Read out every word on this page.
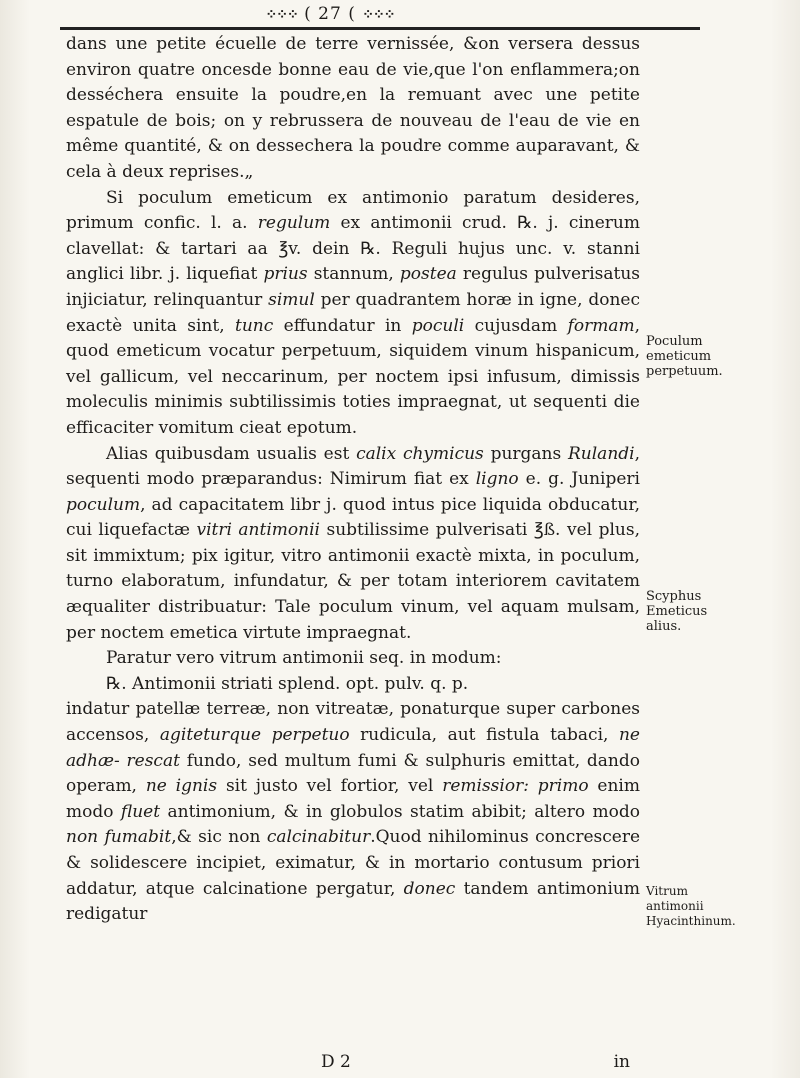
⁘⁘⁘ ( 27 ( ⁘⁘⁘

dans une petite écuelle de terre vernissée, &on versera dessus environ quatre oncesde bonne eau de vie,que l'on enflammera;on desséchera ensuite la poudre,en la remuant avec une petite espatule de bois; on y rebrussera de nouveau de l'eau de vie en même quantité, & on dessechera la poudre comme auparavant, & cela à deux reprises.„

Si poculum emeticum ex antimonio paratum desideres, primum confic. l. a. regulum ex antimonii crud. ℞. j. cinerum clavellat: & tartari aa ℥v. dein ℞. Reguli hujus unc. v. stanni anglici libr. j. liquefiat prius stannum, postea regulus pulverisatus injiciatur, relinquantur simul per quadrantem horæ in igne, donec exactè unita sint, tunc effundatur in poculi cujusdam formam, quod emeticum vocatur perpetuum, siquidem vinum hispanicum, vel gallicum, vel neccarinum, per noctem ipsi infusum, dimissis moleculis minimis subtilissimis toties impraegnat, ut sequenti die efficaciter vomitum cieat epotum.

Alias quibusdam usualis est calix chymicus purgans Rulandi, sequenti modo præparandus: Nimirum fiat ex ligno e. g. Juniperi poculum, ad capacitatem libr j. quod intus pice liquida obducatur, cui liquefactæ vitri antimonii subtilissime pulverisati ℥ß. vel plus, sit immixtum; pix igitur, vitro antimonii exactè mixta, in poculum, turno elaboratum, infundatur, & per totam interiorem cavitatem æqualiter distribuatur: Tale poculum vinum, vel aquam mulsam, per noctem emetica virtute impraegnat.

Paratur vero vitrum antimonii seq. in modum:

℞. Antimonii striati splend. opt. pulv. q. p.

indatur patellæ terreæ, non vitreatæ, ponaturque super carbones accensos, agiteturque perpetuo rudicula, aut fistula tabaci, ne adhæ- rescat fundo, sed multum fumi & sulphuris emittat, dando operam, ne ignis sit justo vel fortior, vel remissior: primo enim modo fluet antimonium, & in globulos statim abibit; altero modo non fumabit,& sic non calcinabitur.Quod nihilominus concrescere & solidescere incipiet, eximatur, & in mortario contusum priori addatur, atque calcinatione pergatur, donec tandem antimonium redigatur

Poculum emeticum perpetuum.
Scyphus Emeticus alius.
Vitrum antimonii Hyacinthinum.
D 2	in
